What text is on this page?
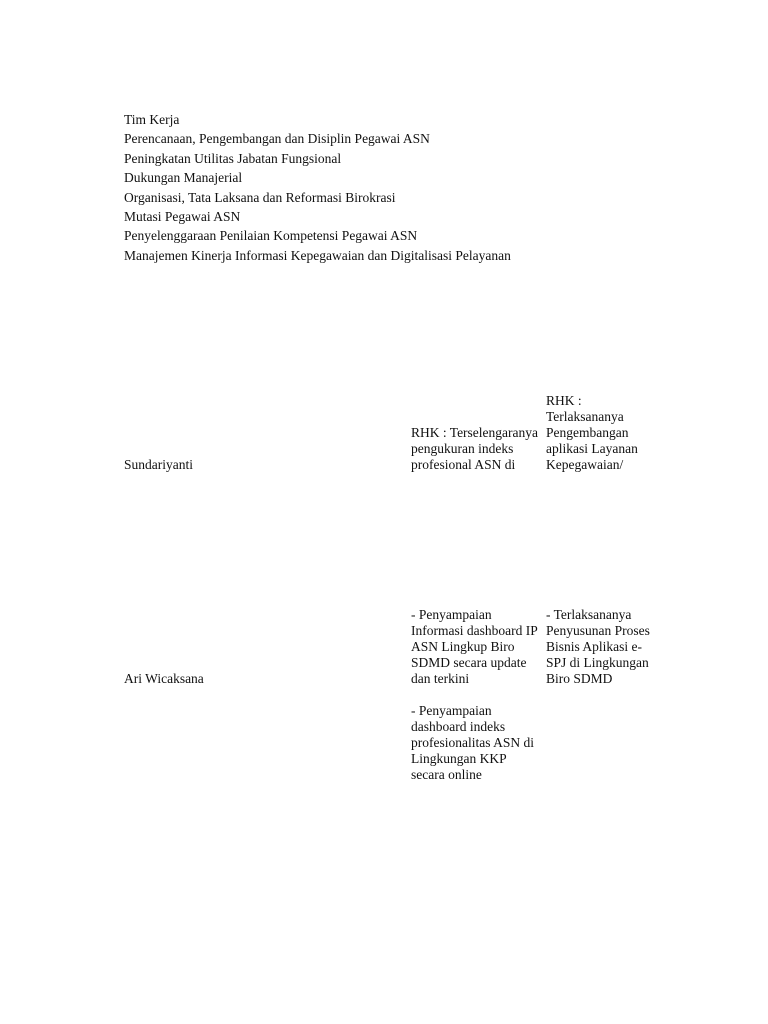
Tim Kerja
Perencanaan, Pengembangan dan Disiplin Pegawai ASN
Peningkatan Utilitas Jabatan Fungsional
Dukungan Manajerial
Organisasi, Tata Laksana dan Reformasi Birokrasi
Mutasi Pegawai ASN
Penyelenggaraan Penilaian Kompetensi Pegawai ASN
Manajemen Kinerja Informasi Kepegawaian dan Digitalisasi Pelayanan
Sundariyanti

RHK : Terselengaranya
pengukuran indeks
profesional ASN di

RHK :
Terlaksananya
Pengembangan
aplikasi Layanan
Kepegawaian/

Ari Wicaksana

- Penyampaian
Informasi dashboard IP
ASN Lingkup Biro
SDMD secara update
dan terkini

- Penyampaian
dashboard indeks
profesionalitas ASN di
Lingkungan KKP
secara online

- Terlaksananya
Penyusunan Proses
Bisnis Aplikasi e-
SPJ di Lingkungan
Biro SDMD
